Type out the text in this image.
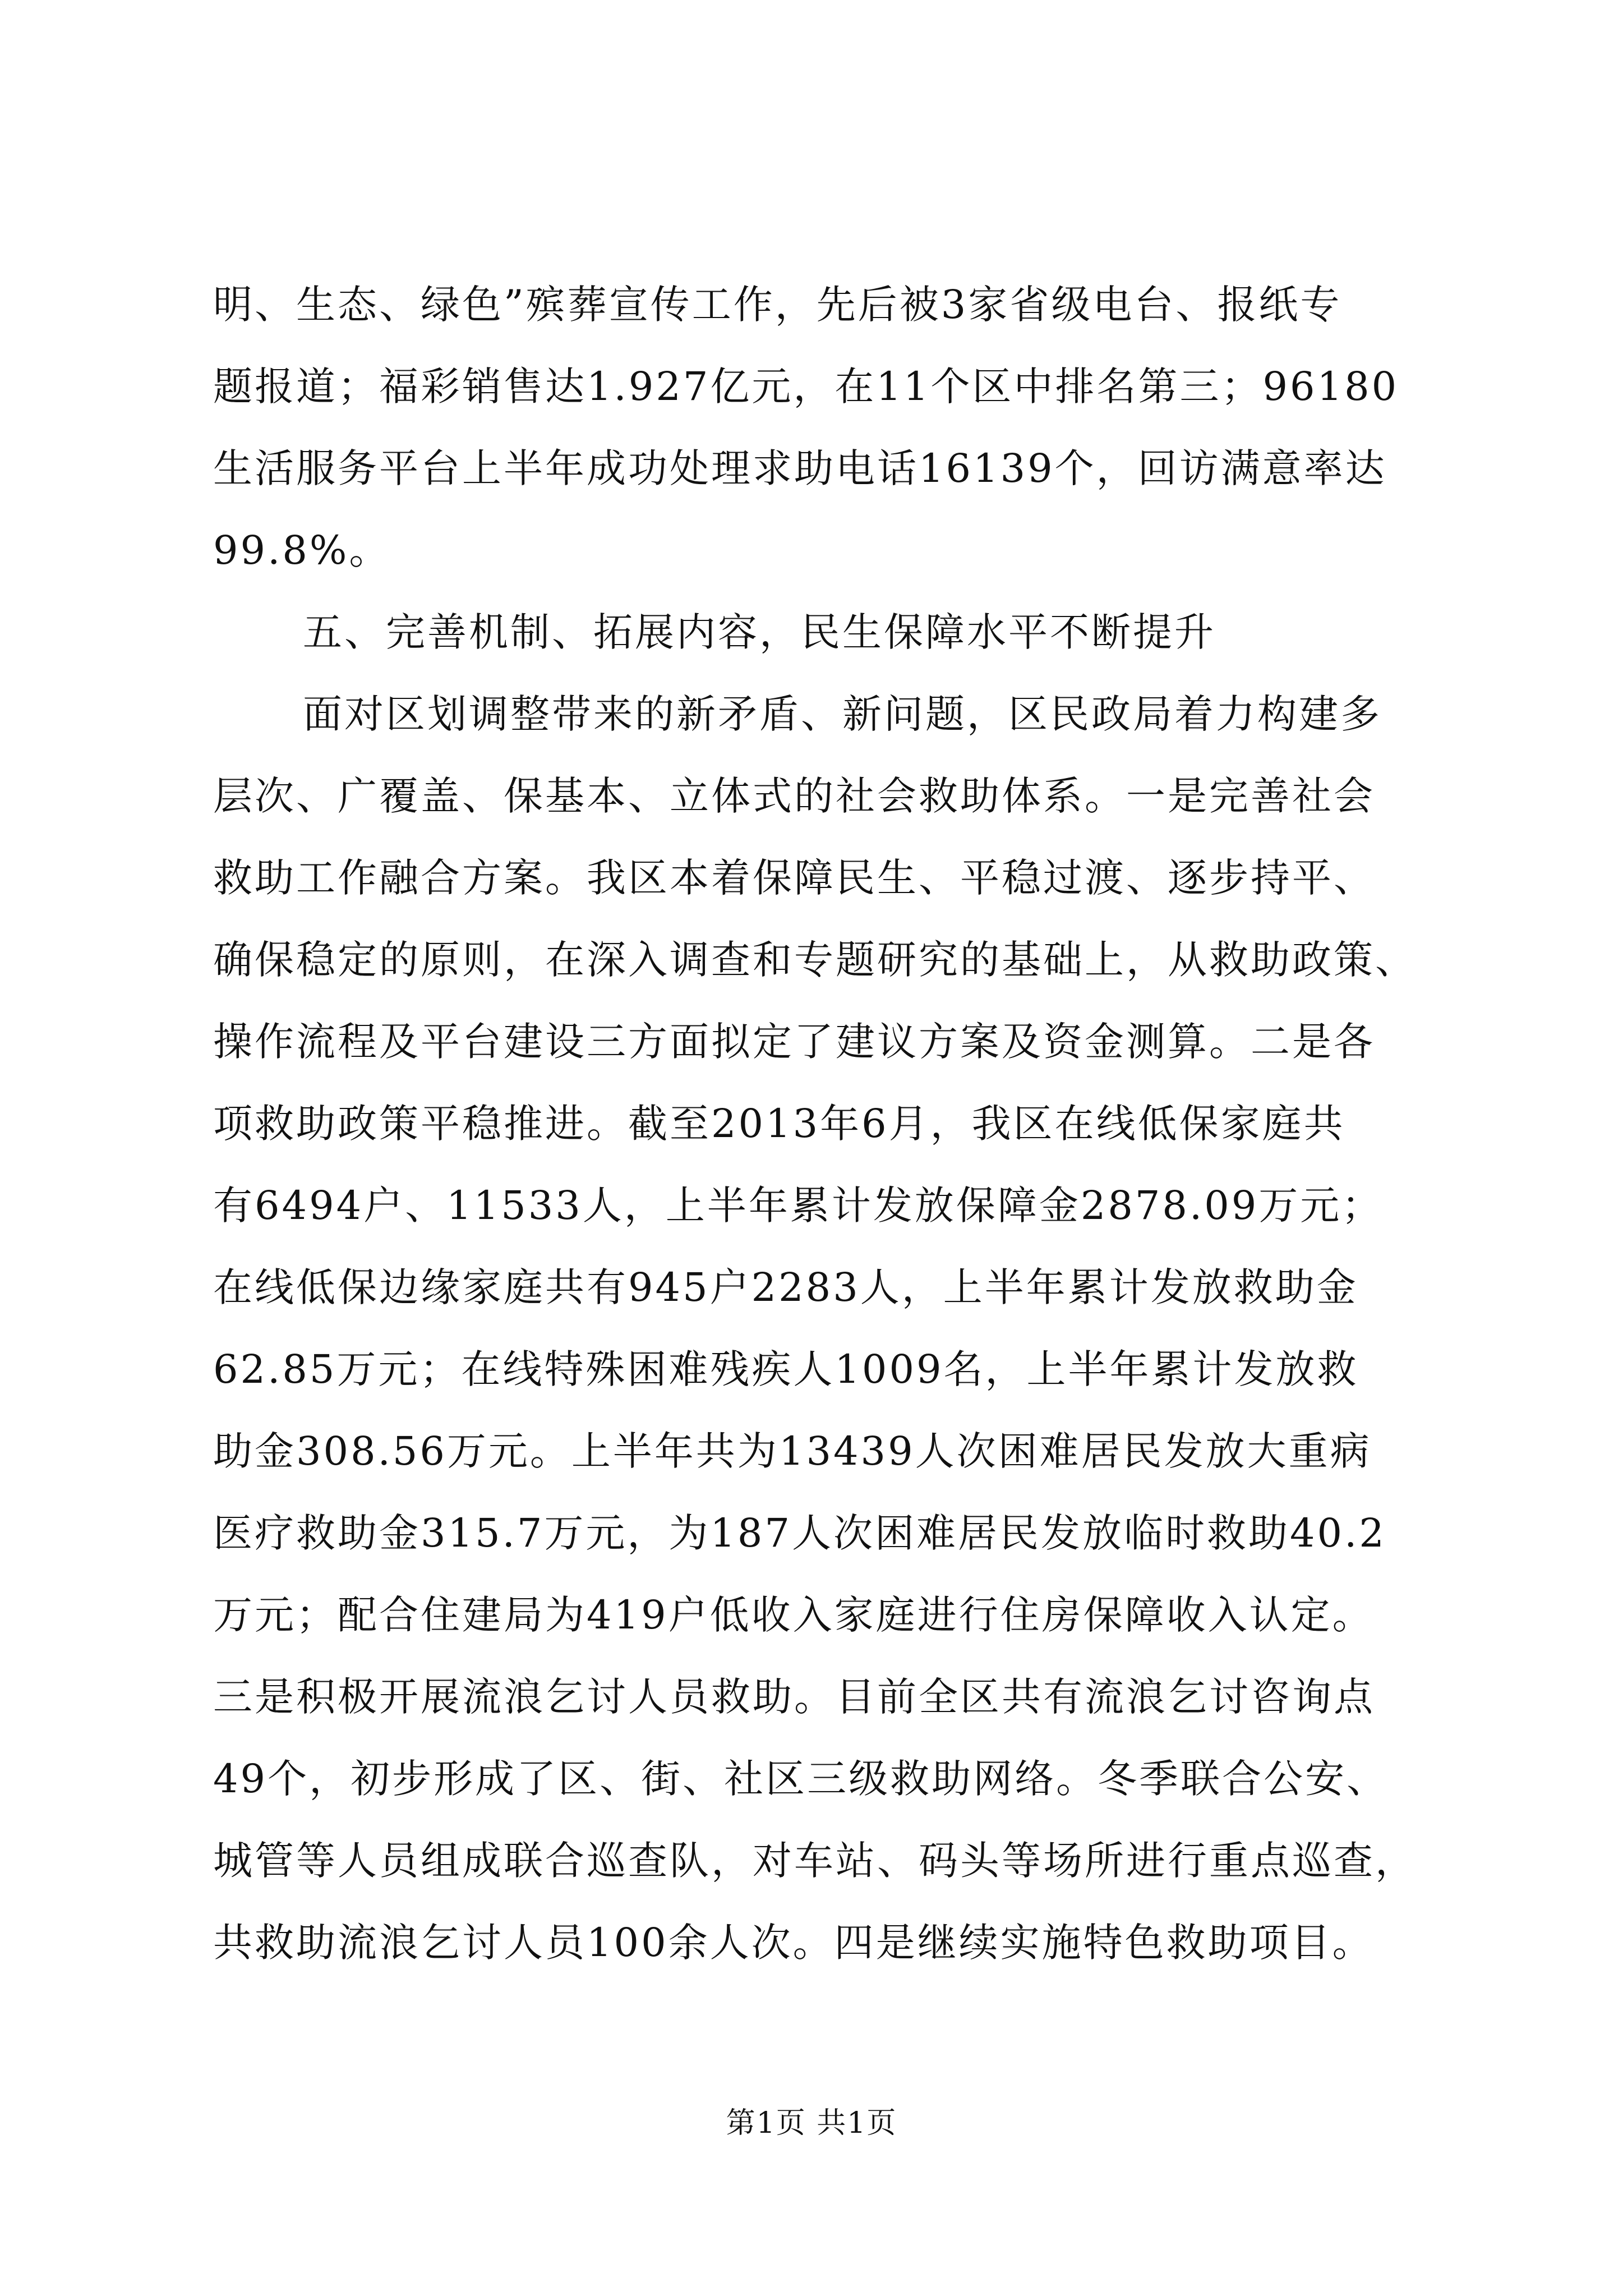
明、生态、绿色”殡葬宣传工作，先后被3家省级电台、报纸专
题报道；福彩销售达1.927亿元，在11个区中排名第三；96180
生活服务平台上半年成功处理求助电话16139个，回访满意率达
99.8%。
五、完善机制、拓展内容，民生保障水平不断提升
面对区划调整带来的新矛盾、新问题，区民政局着力构建多
层次、广覆盖、保基本、立体式的社会救助体系。一是完善社会
救助工作融合方案。我区本着保障民生、平稳过渡、逐步持平、
确保稳定的原则，在深入调查和专题研究的基础上，从救助政策、
操作流程及平台建设三方面拟定了建议方案及资金测算。二是各
项救助政策平稳推进。截至2013年6月，我区在线低保家庭共
有6494户、11533人，上半年累计发放保障金2878.09万元；
在线低保边缘家庭共有945户2283人，上半年累计发放救助金
62.85万元；在线特殊困难残疾人1009名，上半年累计发放救
助金308.56万元。上半年共为13439人次困难居民发放大重病
医疗救助金315.7万元，为187人次困难居民发放临时救助40.2
万元；配合住建局为419户低收入家庭进行住房保障收入认定。
三是积极开展流浪乞讨人员救助。目前全区共有流浪乞讨咨询点
49个，初步形成了区、街、社区三级救助网络。冬季联合公安、
城管等人员组成联合巡查队，对车站、码头等场所进行重点巡查，
共救助流浪乞讨人员100余人次。四是继续实施特色救助项目。
第1页 共1页
